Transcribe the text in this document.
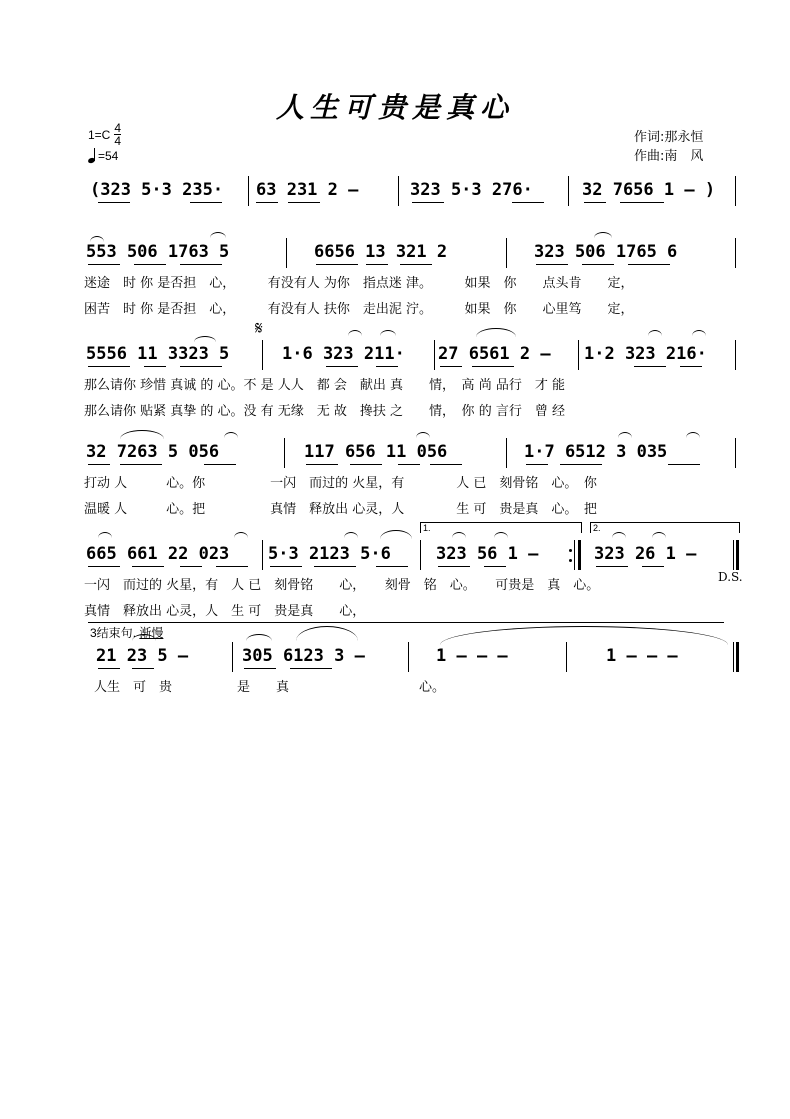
人生可贵是真心
$1=C \frac{4}{4}$
=54
作词:那永恒
作曲:南　风
(323 5·3 235· 63 231 2 –	323 5·3 276·	32 7656 1 – )
553 506 1763 5	6656 13 321 2	323 506 1765 6
迷途　时 你 是否担　心，　　　有没有人 为你　指点迷 津。　　　如果　你　　点头肯　　定，
困苦　时 你 是否担　心，　　　有没有人 扶你　走出泥 泞。　　　如果　你　　心里笃　　定，
𝄋
5556 11 3323 5	1·6 323 211· 27 6561 2 – 1·2 323 216·
那么请你 珍惜 真诚 的 心。不 是 人人　都 会　献出 真　　情，　高 尚 品行　才 能
那么请你 贴紧 真挚 的 心。没 有 无缘　无 故　搀扶 之　　情，　你 的 言行　曾 经
32 7263 5 056	117 656 11 056	1·7 6512 3 035
打动 人　　　心。你　　　　　一闪　而过的 火星，有　　　　人 已　刻骨铭　心。　你
温暖 人　　　心。把　　　　　真情　释放出 心灵，人　　　　生 可　贵是真　心。　把
1.	2.
665 661 22 023 5·3 2123 5·6	323 56 1 –	323 26 1 –
D.S.
一闪　而过的 火星，有　人 已　刻骨铭　　心，　　刻骨　铭　心。　　可贵是　真　心。
真情　释放出 心灵，人　生 可　贵是真　　心，
3结束句. 渐慢
21 23 5 –	305 6123 3 –	1 – – –	1 – – –
人生　可　贵　　　　　是　　真　　　　　　　　　　心。
